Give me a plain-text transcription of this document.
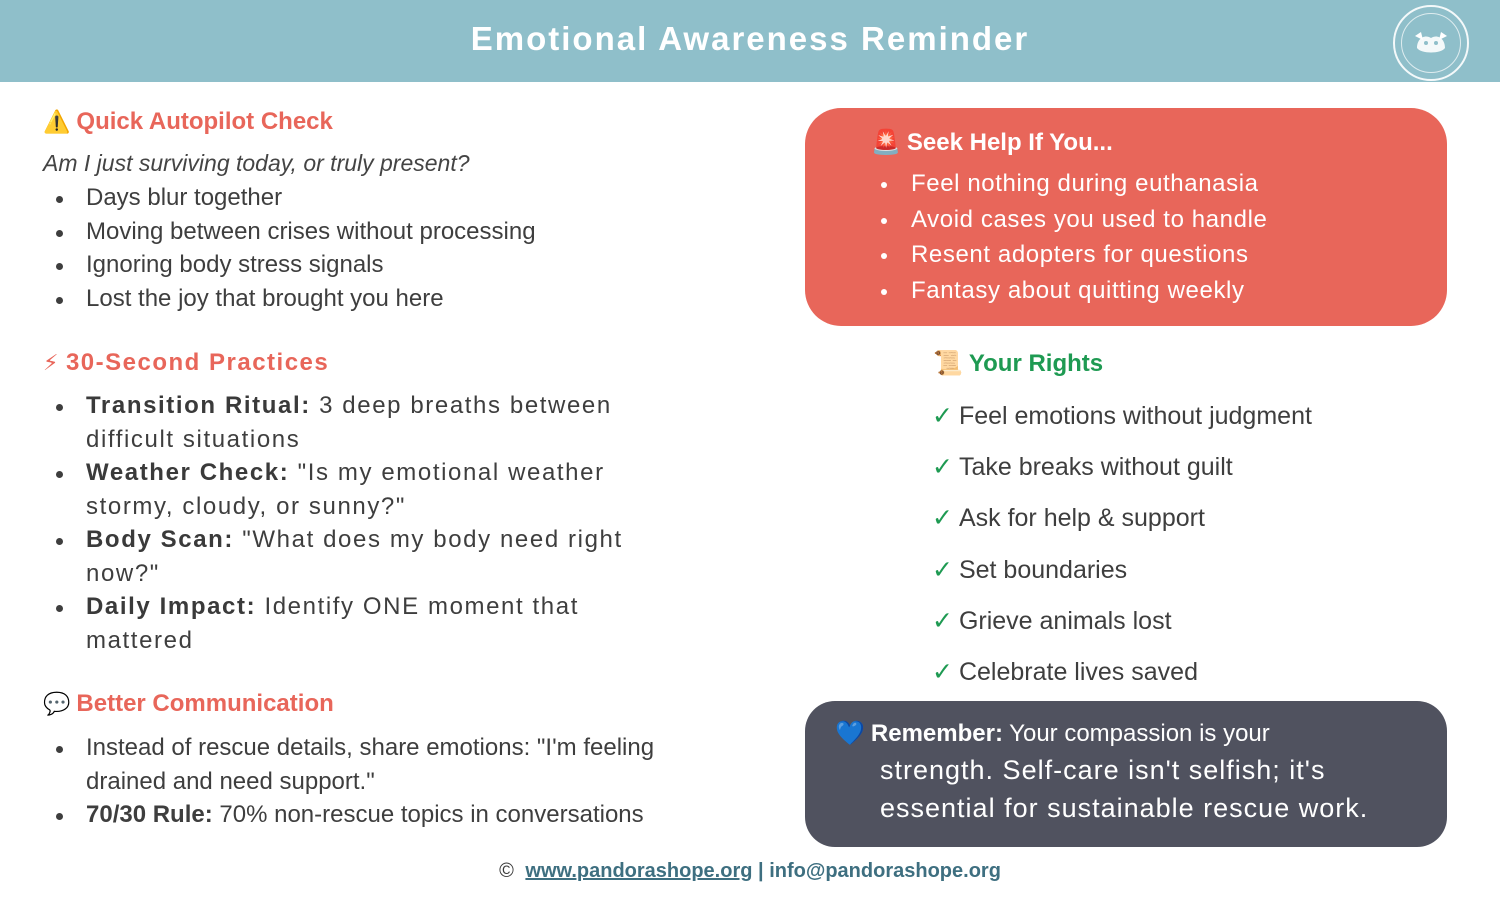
Emotional Awareness Reminder
⚠️ Quick Autopilot Check
Am I just surviving today, or truly present?
Days blur together
Moving between crises without processing
Ignoring body stress signals
Lost the joy that brought you here
⚡ 30-Second Practices
Transition Ritual: 3 deep breaths between difficult situations
Weather Check: "Is my emotional weather stormy, cloudy, or sunny?"
Body Scan: "What does my body need right now?"
Daily Impact: Identify ONE moment that mattered
💬 Better Communication
Instead of rescue details, share emotions: "I'm feeling drained and need support."
70/30 Rule: 70% non-rescue topics in conversations
🚨 Seek Help If You...
Feel nothing during euthanasia
Avoid cases you used to handle
Resent adopters for questions
Fantasy about quitting weekly
📜 Your Rights
✓ Feel emotions without judgment
✓ Take breaks without guilt
✓ Ask for help & support
✓ Set boundaries
✓ Grieve animals lost
✓ Celebrate lives saved
💙 Remember: Your compassion is your
strength. Self-care isn't selfish; it's essential for sustainable rescue work.
© www.pandorashope.org | info@pandorashope.org
